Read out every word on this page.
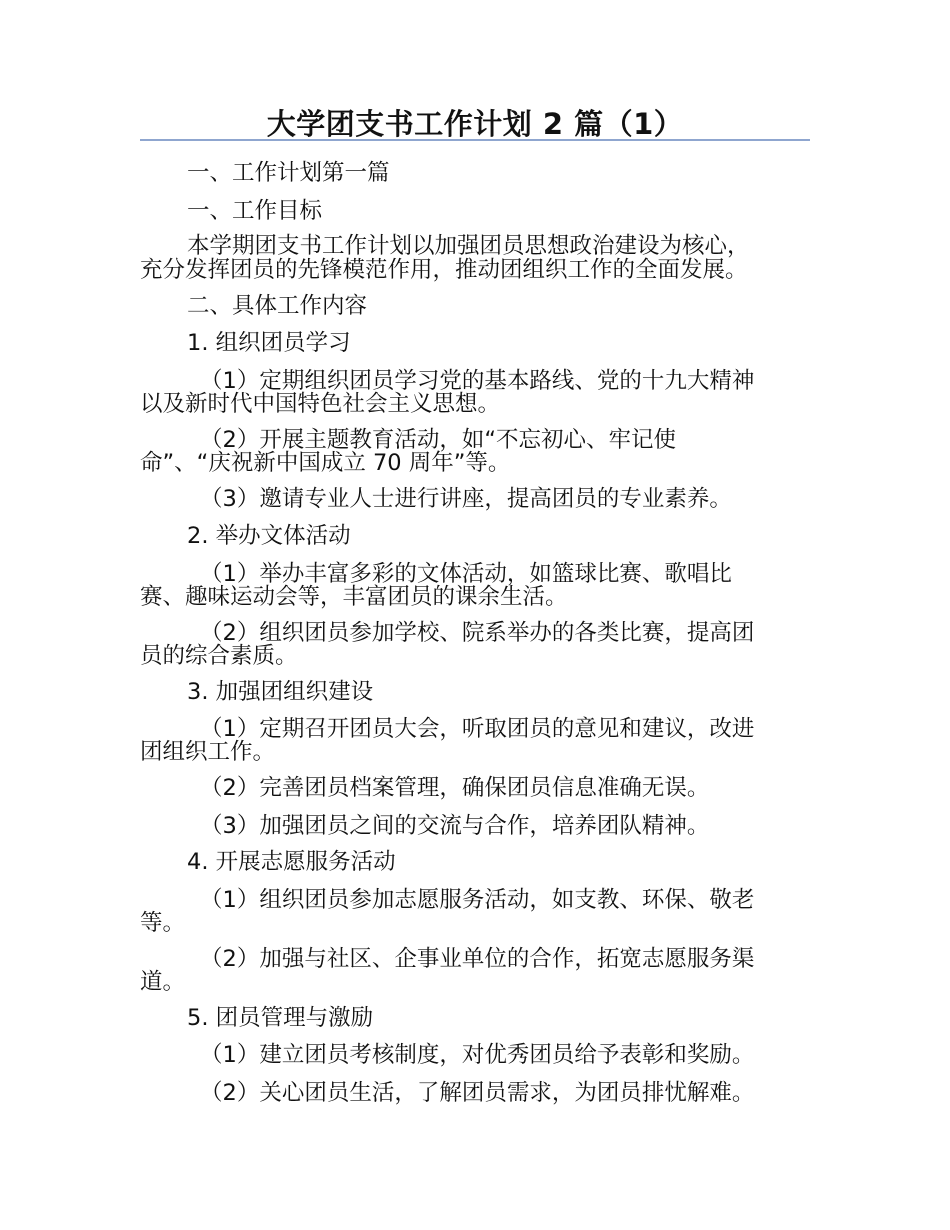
大学团支书工作计划 2 篇（1）
一、工作计划第一篇
一、工作目标
本学期团支书工作计划以加强团员思想政治建设为核心，
充分发挥团员的先锋模范作用，推动团组织工作的全面发展。
二、具体工作内容
1. 组织团员学习
（1）定期组织团员学习党的基本路线、党的十九大精神
以及新时代中国特色社会主义思想。
（2）开展主题教育活动，如“不忘初心、牢记使
命”、“庆祝新中国成立 70 周年”等。
（3）邀请专业人士进行讲座，提高团员的专业素养。
2. 举办文体活动
（1）举办丰富多彩的文体活动，如篮球比赛、歌唱比
赛、趣味运动会等，丰富团员的课余生活。
（2）组织团员参加学校、院系举办的各类比赛，提高团
员的综合素质。
3. 加强团组织建设
（1）定期召开团员大会，听取团员的意见和建议，改进
团组织工作。
（2）完善团员档案管理，确保团员信息准确无误。
（3）加强团员之间的交流与合作，培养团队精神。
4. 开展志愿服务活动
（1）组织团员参加志愿服务活动，如支教、环保、敬老
等。
（2）加强与社区、企事业单位的合作，拓宽志愿服务渠
道。
5. 团员管理与激励
（1）建立团员考核制度，对优秀团员给予表彰和奖励。
（2）关心团员生活，了解团员需求，为团员排忧解难。
